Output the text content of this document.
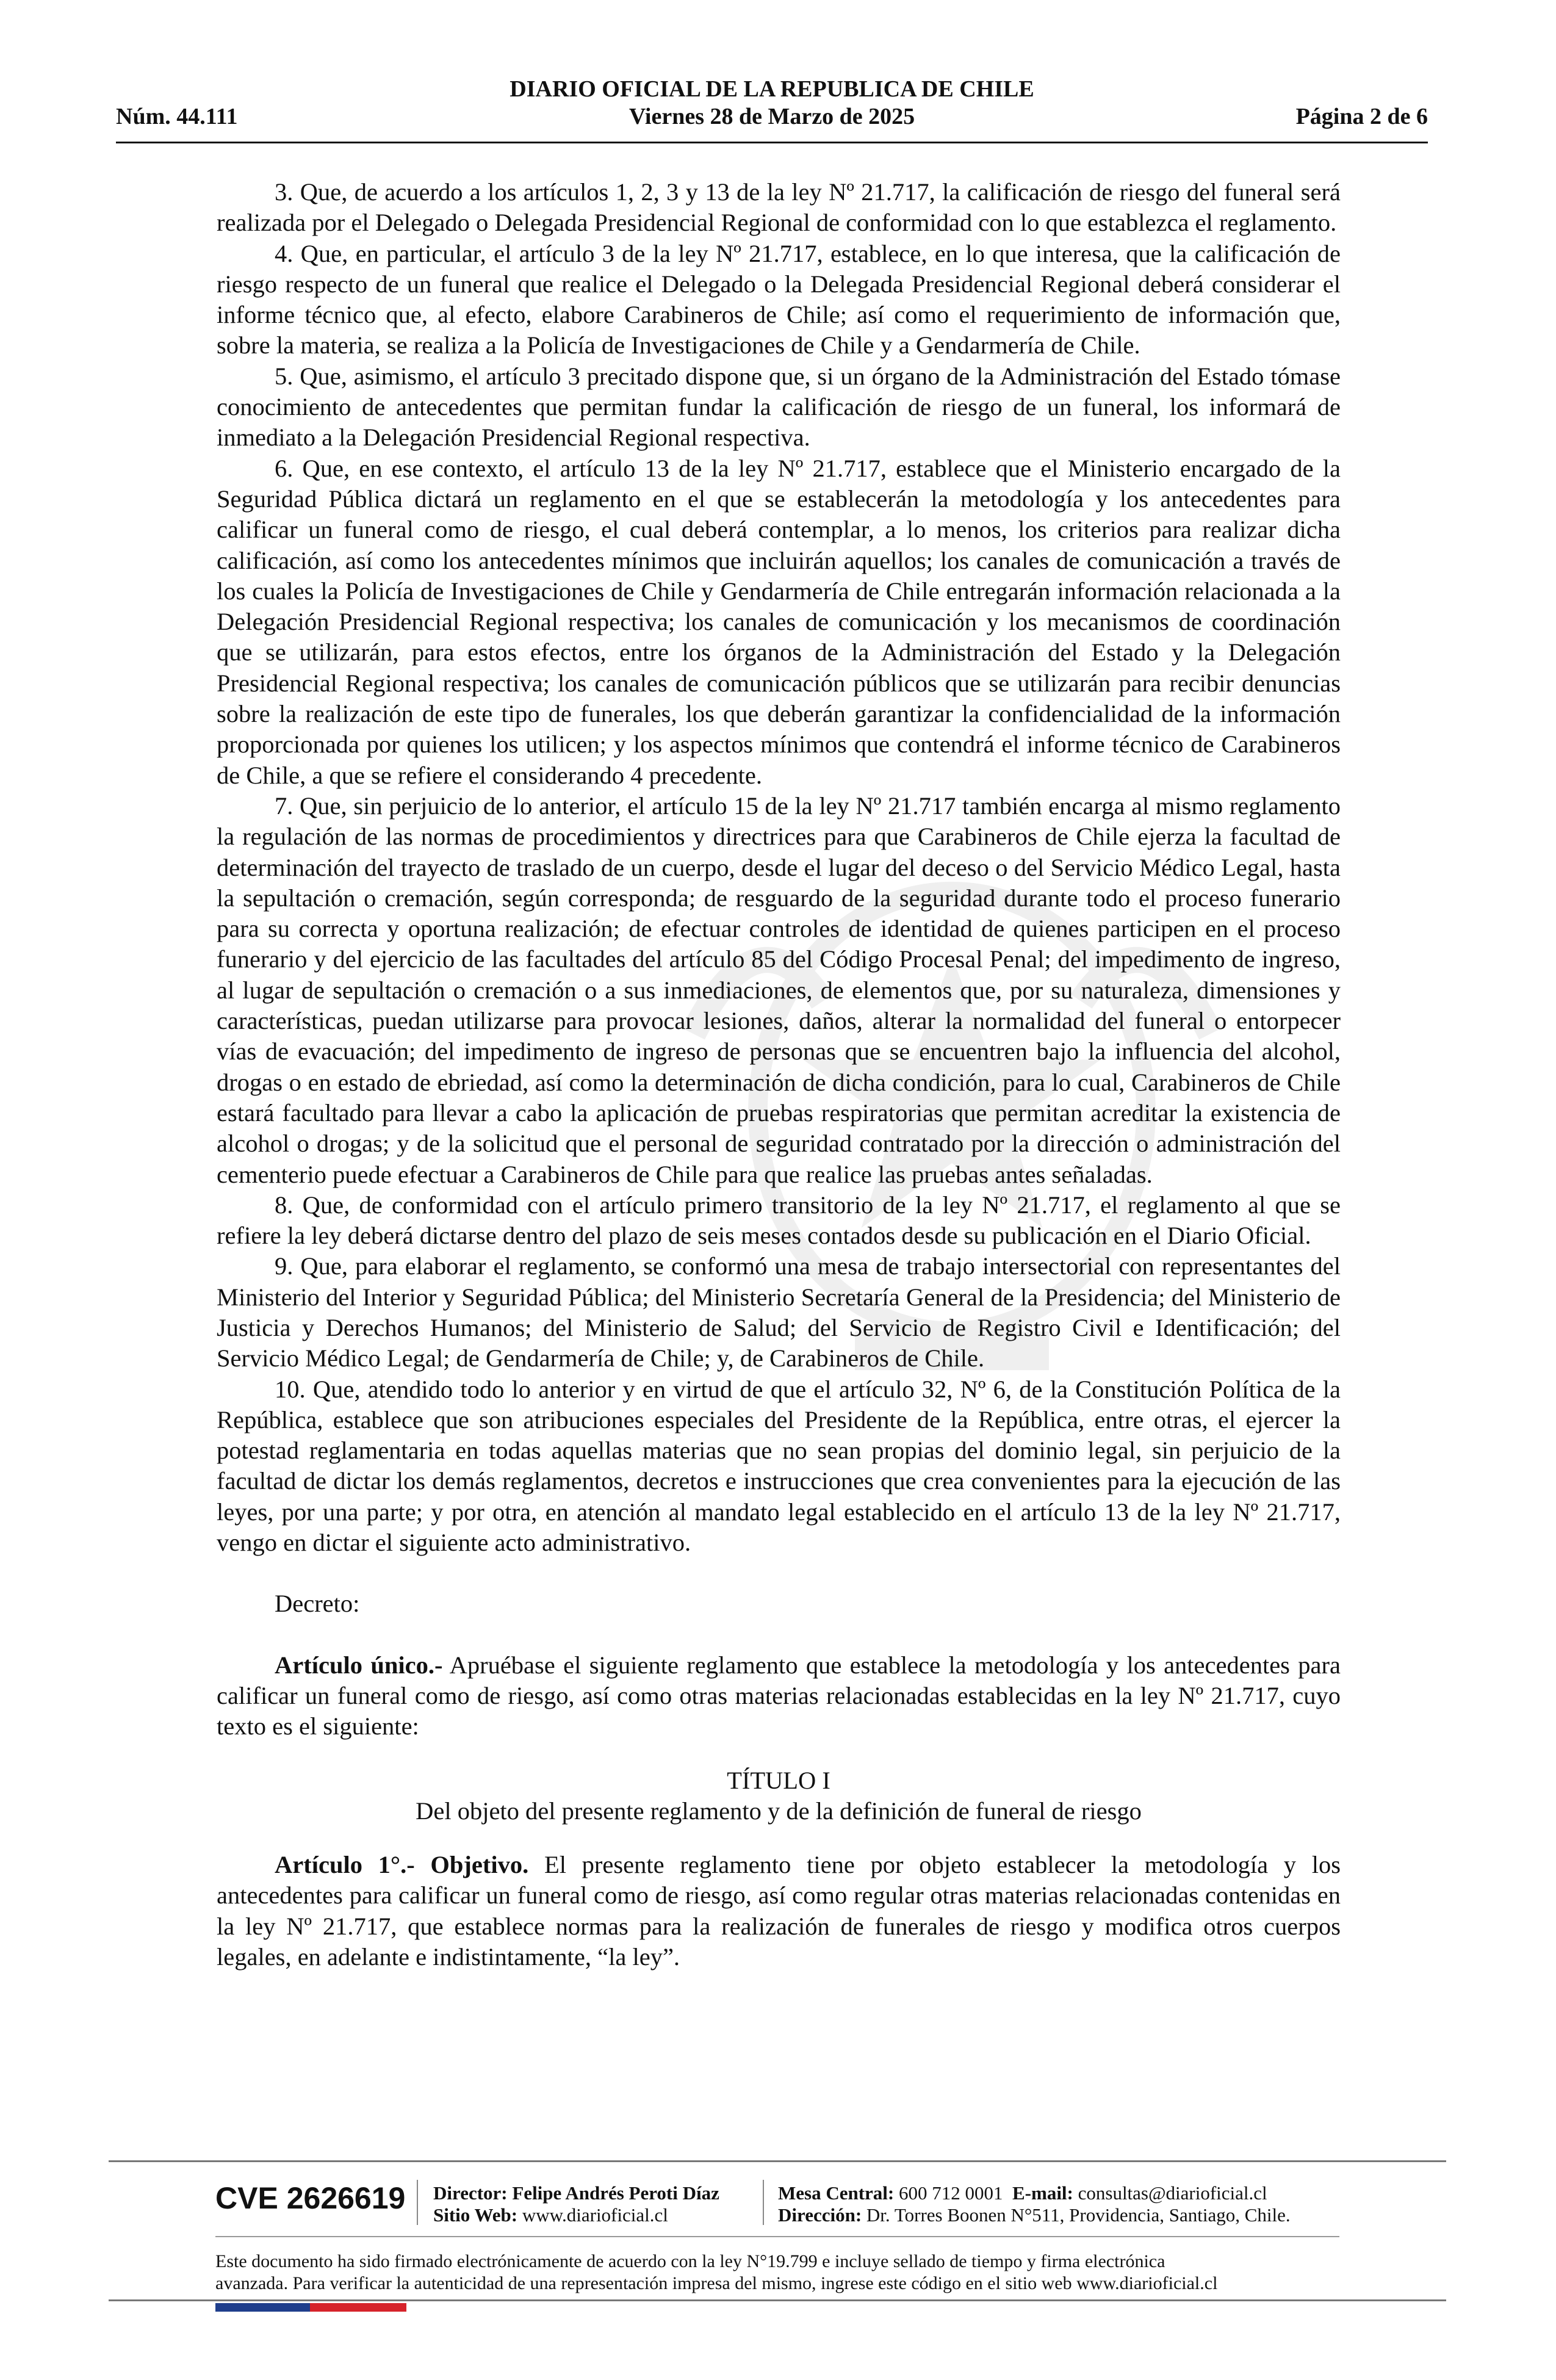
DIARIO OFICIAL DE LA REPUBLICA DE CHILE
Viernes 28 de Marzo de 2025
Núm. 44.111	Página 2 de 6

3. Que, de acuerdo a los artículos 1, 2, 3 y 13 de la ley Nº 21.717, la calificación de riesgo del funeral será realizada por el Delegado o Delegada Presidencial Regional de conformidad con lo que establezca el reglamento.

4. Que, en particular, el artículo 3 de la ley Nº 21.717, establece, en lo que interesa, que la calificación de riesgo respecto de un funeral que realice el Delegado o la Delegada Presidencial Regional deberá considerar el informe técnico que, al efecto, elabore Carabineros de Chile; así como el requerimiento de información que, sobre la materia, se realiza a la Policía de Investigaciones de Chile y a Gendarmería de Chile.

5. Que, asimismo, el artículo 3 precitado dispone que, si un órgano de la Administración del Estado tómase conocimiento de antecedentes que permitan fundar la calificación de riesgo de un funeral, los informará de inmediato a la Delegación Presidencial Regional respectiva.

6. Que, en ese contexto, el artículo 13 de la ley Nº 21.717, establece que el Ministerio encargado de la Seguridad Pública dictará un reglamento en el que se establecerán la metodología y los antecedentes para calificar un funeral como de riesgo, el cual deberá contemplar, a lo menos, los criterios para realizar dicha calificación, así como los antecedentes mínimos que incluirán aquellos; los canales de comunicación a través de los cuales la Policía de Investigaciones de Chile y Gendarmería de Chile entregarán información relacionada a la Delegación Presidencial Regional respectiva; los canales de comunicación y los mecanismos de coordinación que se utilizarán, para estos efectos, entre los órganos de la Administración del Estado y la Delegación Presidencial Regional respectiva; los canales de comunicación públicos que se utilizarán para recibir denuncias sobre la realización de este tipo de funerales, los que deberán garantizar la confidencialidad de la información proporcionada por quienes los utilicen; y los aspectos mínimos que contendrá el informe técnico de Carabineros de Chile, a que se refiere el considerando 4 precedente.

7. Que, sin perjuicio de lo anterior, el artículo 15 de la ley Nº 21.717 también encarga al mismo reglamento la regulación de las normas de procedimientos y directrices para que Carabineros de Chile ejerza la facultad de determinación del trayecto de traslado de un cuerpo, desde el lugar del deceso o del Servicio Médico Legal, hasta la sepultación o cremación, según corresponda; de resguardo de la seguridad durante todo el proceso funerario para su correcta y oportuna realización; de efectuar controles de identidad de quienes participen en el proceso funerario y del ejercicio de las facultades del artículo 85 del Código Procesal Penal; del impedimento de ingreso, al lugar de sepultación o cremación o a sus inmediaciones, de elementos que, por su naturaleza, dimensiones y características, puedan utilizarse para provocar lesiones, daños, alterar la normalidad del funeral o entorpecer vías de evacuación; del impedimento de ingreso de personas que se encuentren bajo la influencia del alcohol, drogas o en estado de ebriedad, así como la determinación de dicha condición, para lo cual, Carabineros de Chile estará facultado para llevar a cabo la aplicación de pruebas respiratorias que permitan acreditar la existencia de alcohol o drogas; y de la solicitud que el personal de seguridad contratado por la dirección o administración del cementerio puede efectuar a Carabineros de Chile para que realice las pruebas antes señaladas.

8. Que, de conformidad con el artículo primero transitorio de la ley Nº 21.717, el reglamento al que se refiere la ley deberá dictarse dentro del plazo de seis meses contados desde su publicación en el Diario Oficial.

9. Que, para elaborar el reglamento, se conformó una mesa de trabajo intersectorial con representantes del Ministerio del Interior y Seguridad Pública; del Ministerio Secretaría General de la Presidencia; del Ministerio de Justicia y Derechos Humanos; del Ministerio de Salud; del Servicio de Registro Civil e Identificación; del Servicio Médico Legal; de Gendarmería de Chile; y, de Carabineros de Chile.

10. Que, atendido todo lo anterior y en virtud de que el artículo 32, Nº 6, de la Constitución Política de la República, establece que son atribuciones especiales del Presidente de la República, entre otras, el ejercer la potestad reglamentaria en todas aquellas materias que no sean propias del dominio legal, sin perjuicio de la facultad de dictar los demás reglamentos, decretos e instrucciones que crea convenientes para la ejecución de las leyes, por una parte; y por otra, en atención al mandato legal establecido en el artículo 13 de la ley Nº 21.717, vengo en dictar el siguiente acto administrativo.

Decreto:

Artículo único.- Apruébase el siguiente reglamento que establece la metodología y los antecedentes para calificar un funeral como de riesgo, así como otras materias relacionadas establecidas en la ley Nº 21.717, cuyo texto es el siguiente:

TÍTULO I

Del objeto del presente reglamento y de la definición de funeral de riesgo

Artículo 1°.- Objetivo. El presente reglamento tiene por objeto establecer la metodología y los antecedentes para calificar un funeral como de riesgo, así como regular otras materias relacionadas contenidas en la ley Nº 21.717, que establece normas para la realización de funerales de riesgo y modifica otros cuerpos legales, en adelante e indistintamente, “la ley”.

CVE 2626619 Director: Felipe Andrés Peroti Díaz
Sitio Web: www.diarioficial.cl
Mesa Central: 600 712 0001 E-mail: consultas@diarioficial.cl
Dirección: Dr. Torres Boonen N°511, Providencia, Santiago, Chile.
Este documento ha sido firmado electrónicamente de acuerdo con la ley N°19.799 e incluye sellado de tiempo y firma electrónica
avanzada. Para verificar la autenticidad de una representación impresa del mismo, ingrese este código en el sitio web www.diarioficial.cl
